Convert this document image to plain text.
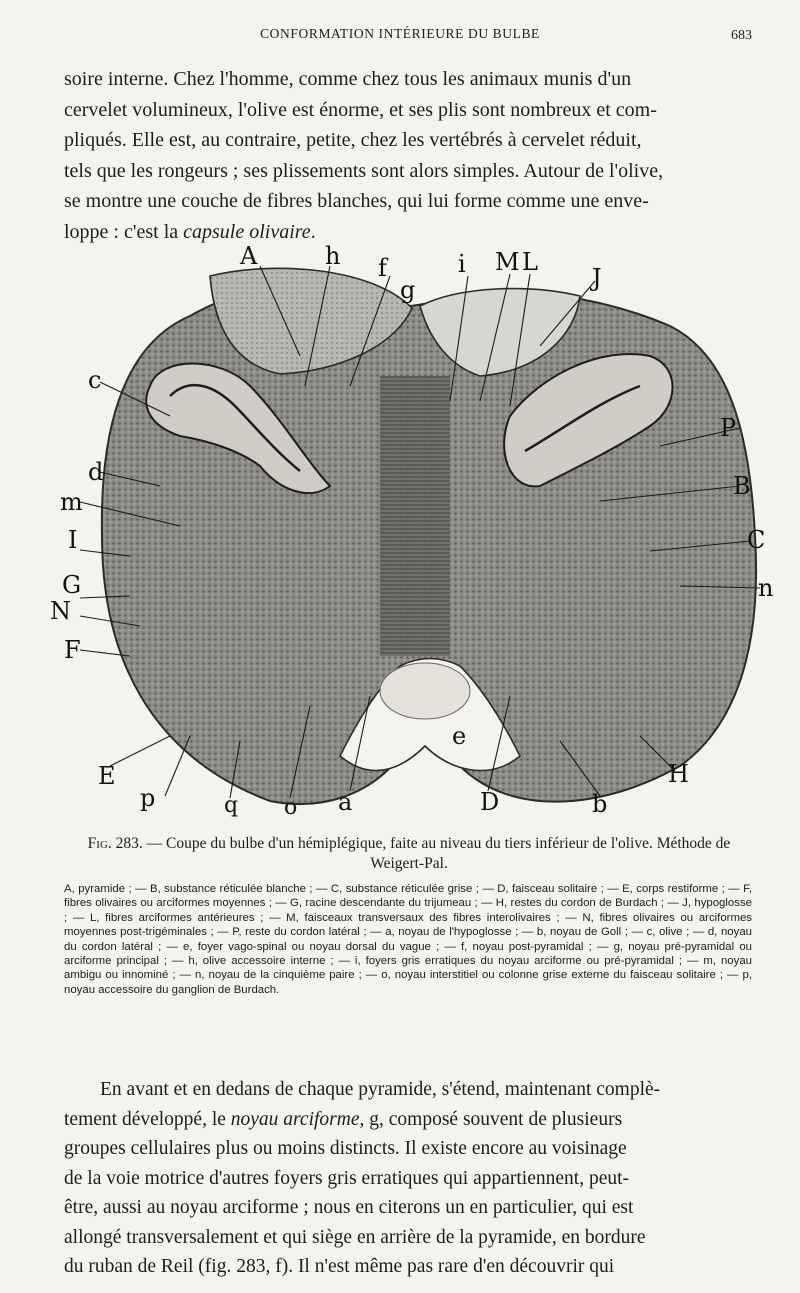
CONFORMATION INTÉRIEURE DU BULBE	683
soire interne. Chez l'homme, comme chez tous les animaux munis d'un
cervelet volumineux, l'olive est énorme, et ses plis sont nombreux et com-
pliqués. Elle est, au contraire, petite, chez les vertébrés à cervelet réduit,
tels que les rongeurs ; ses plissements sont alors simples. Autour de l'olive,
se montre une couche de fibres blanches, qui lui forme comme une enve-
loppe : c'est la capsule olivaire.
A	h f
g
i M L
J
c
P
d	B
m
C
I
G
N
n
F
e
E	H
p	q o a	D	b
Fig. 283. — Coupe du bulbe d'un hémiplégique, faite au niveau du tiers inférieur de l'olive. Méthode de Weigert-Pal.
A, pyramide ; — B, substance réticulée blanche ; — C, substance réticulée grise ; — D, faisceau solitaire ; — E, corps restiforme ; — F, fibres olivaires ou arciformes moyennes ; — G, racine descendante du trijumeau ; — H, restes du cordon de Burdach ; — J, hypoglosse ; — L, fibres arciformes antérieures ; — M, faisceaux transversaux des fibres interolivaires ; — N, fibres olivaires ou arciformes moyennes post-trigéminales ; — P, reste du cordon latéral ; — a, noyau de l'hypoglosse ; — b, noyau de Goll ; — c, olive ; — d, noyau du cordon latéral ; — e, foyer vago-spinal ou noyau dorsal du vague ; — f, noyau post-pyramidal ; — g, noyau pré-pyramidal ou arciforme principal ; — h, olive accessoire interne ; — i, foyers gris erratiques du noyau arciforme ou pré-pyramidal ; — m, noyau ambigu ou innominé ; — n, noyau de la cinquième paire ; — o, noyau interstitiel ou colonne grise externe du faisceau solitaire ; — p, noyau accessoire du ganglion de Burdach.
En avant et en dedans de chaque pyramide, s'étend, maintenant complè-
tement développé, le noyau arciforme, g, composé souvent de plusieurs
groupes cellulaires plus ou moins distincts. Il existe encore au voisinage
de la voie motrice d'autres foyers gris erratiques qui appartiennent, peut-
être, aussi au noyau arciforme ; nous en citerons un en particulier, qui est
allongé transversalement et qui siège en arrière de la pyramide, en bordure
du ruban de Reil (fig. 283, f). Il n'est même pas rare d'en découvrir qui
